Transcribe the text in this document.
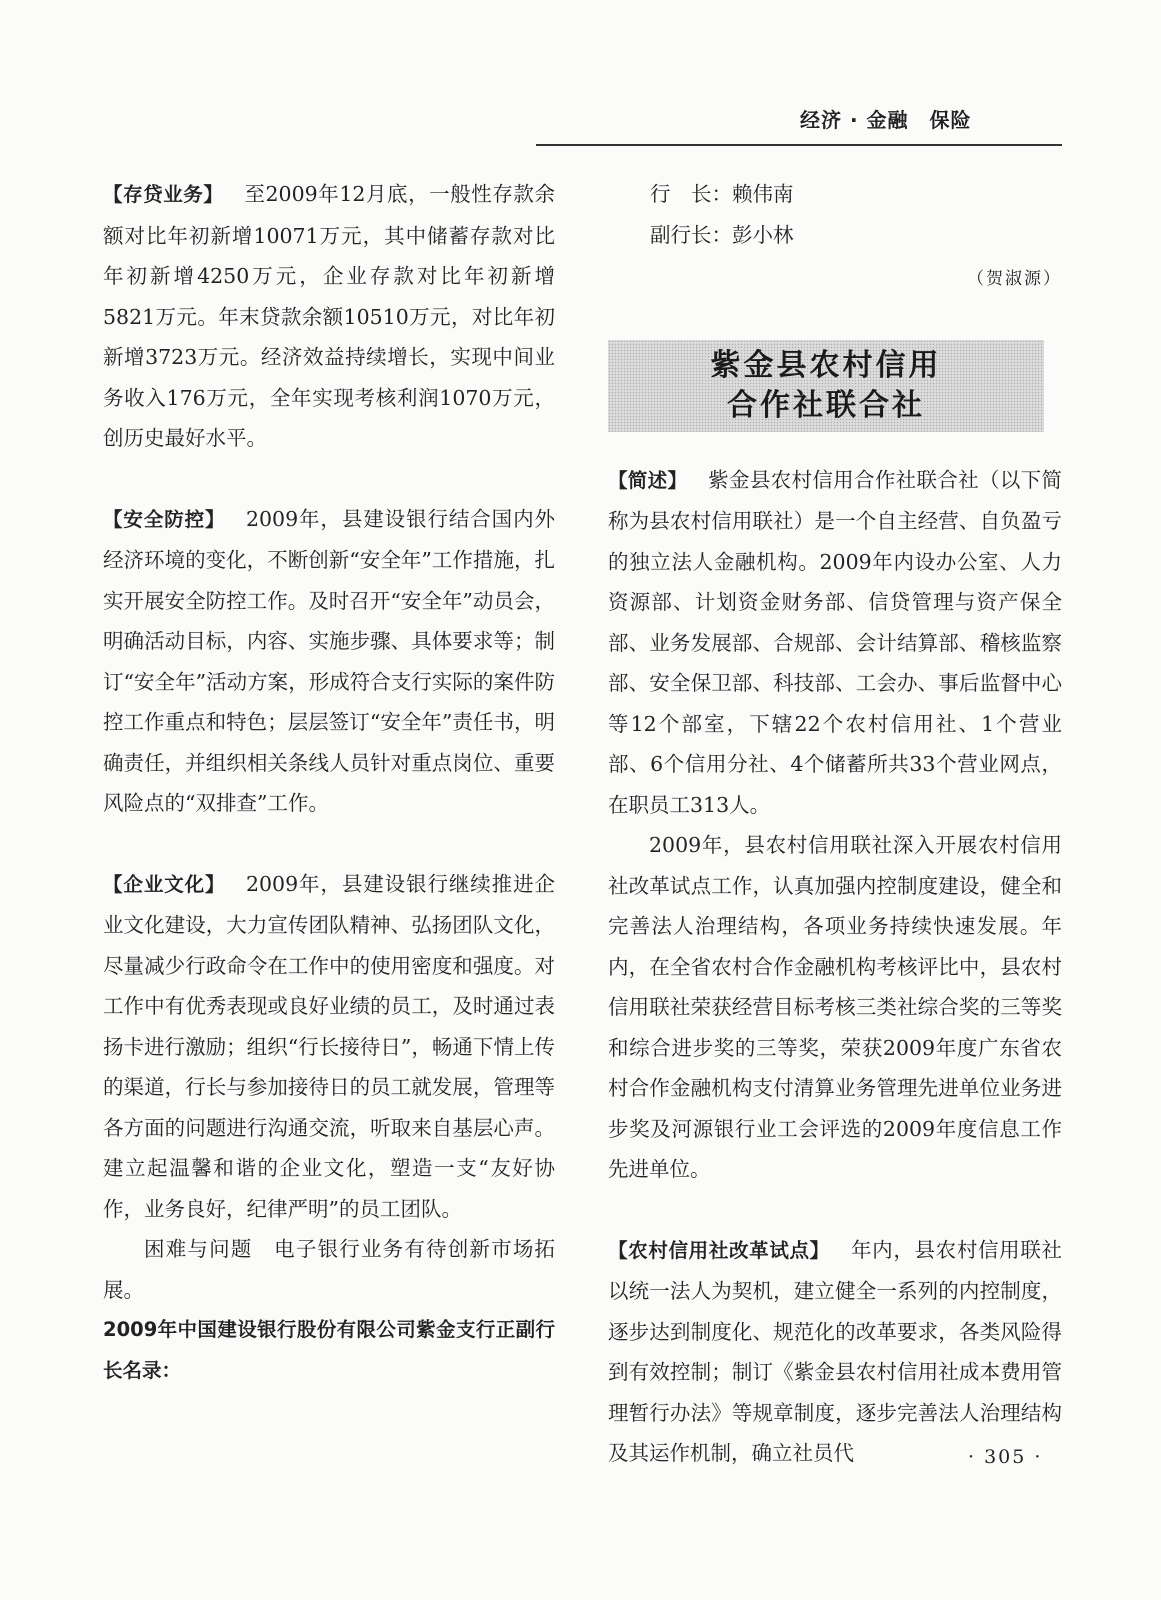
经济 · 金融　保险

【存贷业务】  至2009年12月底，一般性存款余额对比年初新增10071万元，其中储蓄存款对比年初新增4250万元，企业存款对比年初新增5821万元。年末贷款余额10510万元，对比年初新增3723万元。经济效益持续增长，实现中间业务收入176万元，全年实现考核利润1070万元，创历史最好水平。

【安全防控】  2009年，县建设银行结合国内外经济环境的变化，不断创新“安全年”工作措施，扎实开展安全防控工作。及时召开“安全年”动员会，明确活动目标，内容、实施步骤、具体要求等；制订“安全年”活动方案，形成符合支行实际的案件防控工作重点和特色；层层签订“安全年”责任书，明确责任，并组织相关条线人员针对重点岗位、重要风险点的“双排查”工作。

【企业文化】  2009年，县建设银行继续推进企业文化建设，大力宣传团队精神、弘扬团队文化，尽量减少行政命令在工作中的使用密度和强度。对工作中有优秀表现或良好业绩的员工，及时通过表扬卡进行激励；组织“行长接待日”，畅通下情上传的渠道，行长与参加接待日的员工就发展，管理等各方面的问题进行沟通交流，听取来自基层心声。建立起温馨和谐的企业文化，塑造一支“友好协作，业务良好，纪律严明”的员工团队。

困难与问题  电子银行业务有待创新市场拓展。

2009年中国建设银行股份有限公司紫金支行正副行长名录：

行　长：赖伟南

副行长：彭小林

（贺淑源）

紫金县农村信用
合作社联合社

【简述】  紫金县农村信用合作社联合社（以下简称为县农村信用联社）是一个自主经营、自负盈亏的独立法人金融机构。2009年内设办公室、人力资源部、计划资金财务部、信贷管理与资产保全部、业务发展部、合规部、会计结算部、稽核监察部、安全保卫部、科技部、工会办、事后监督中心等12个部室，下辖22个农村信用社、1个营业部、6个信用分社、4个储蓄所共33个营业网点，在职员工313人。

2009年，县农村信用联社深入开展农村信用社改革试点工作，认真加强内控制度建设，健全和完善法人治理结构，各项业务持续快速发展。年内，在全省农村合作金融机构考核评比中，县农村信用联社荣获经营目标考核三类社综合奖的三等奖和综合进步奖的三等奖，荣获2009年度广东省农村合作金融机构支付清算业务管理先进单位业务进步奖及河源银行业工会评选的2009年度信息工作先进单位。

【农村信用社改革试点】  年内，县农村信用联社以统一法人为契机，建立健全一系列的内控制度，逐步达到制度化、规范化的改革要求，各类风险得到有效控制；制订《紫金县农村信用社成本费用管理暂行办法》等规章制度，逐步完善法人治理结构及其运作机制，确立社员代	· 305 ·
